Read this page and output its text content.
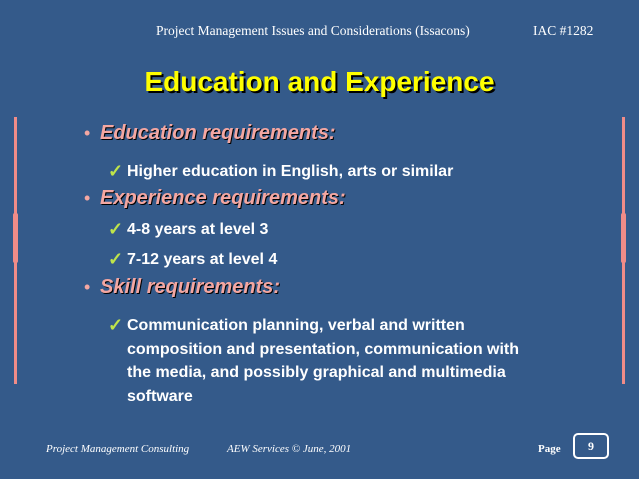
Project Management Issues and Considerations (Issacons)	IAC #1282
Education and Experience
• Education requirements:
✓ Higher education in English, arts or similar
• Experience requirements:
✓ 4-8 years at level 3
✓ 7-12 years at level 4
• Skill requirements:
✓ Communication planning, verbal and written composition and presentation, communication with the media, and possibly graphical and multimedia software
Project Management Consulting	AEW Services © June, 2001	Page	9
